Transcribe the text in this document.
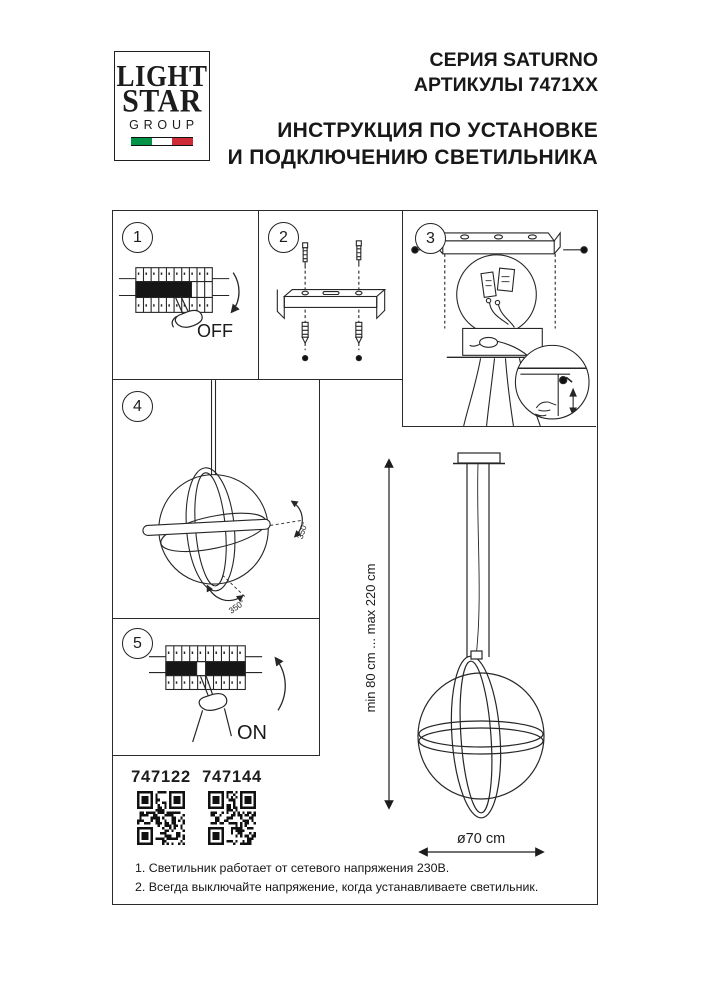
LIGHT
STAR
GROUP
СЕРИЯ SATURNO
АРТИКУЛЫ 7471ХХ
ИНСТРУКЦИЯ ПО УСТАНОВКЕ
И ПОДКЛЮЧЕНИЮ СВЕТИЛЬНИКА
1
OFF
2	3
4
350°
350°
5
ON
747122 747144
1. Светильник работает от сетевого напряжения 230В.
2. Всегда выключайте напряжение, когда устанавливаете светильник.
min 80 cm ... max 220 cm
ø70 cm
